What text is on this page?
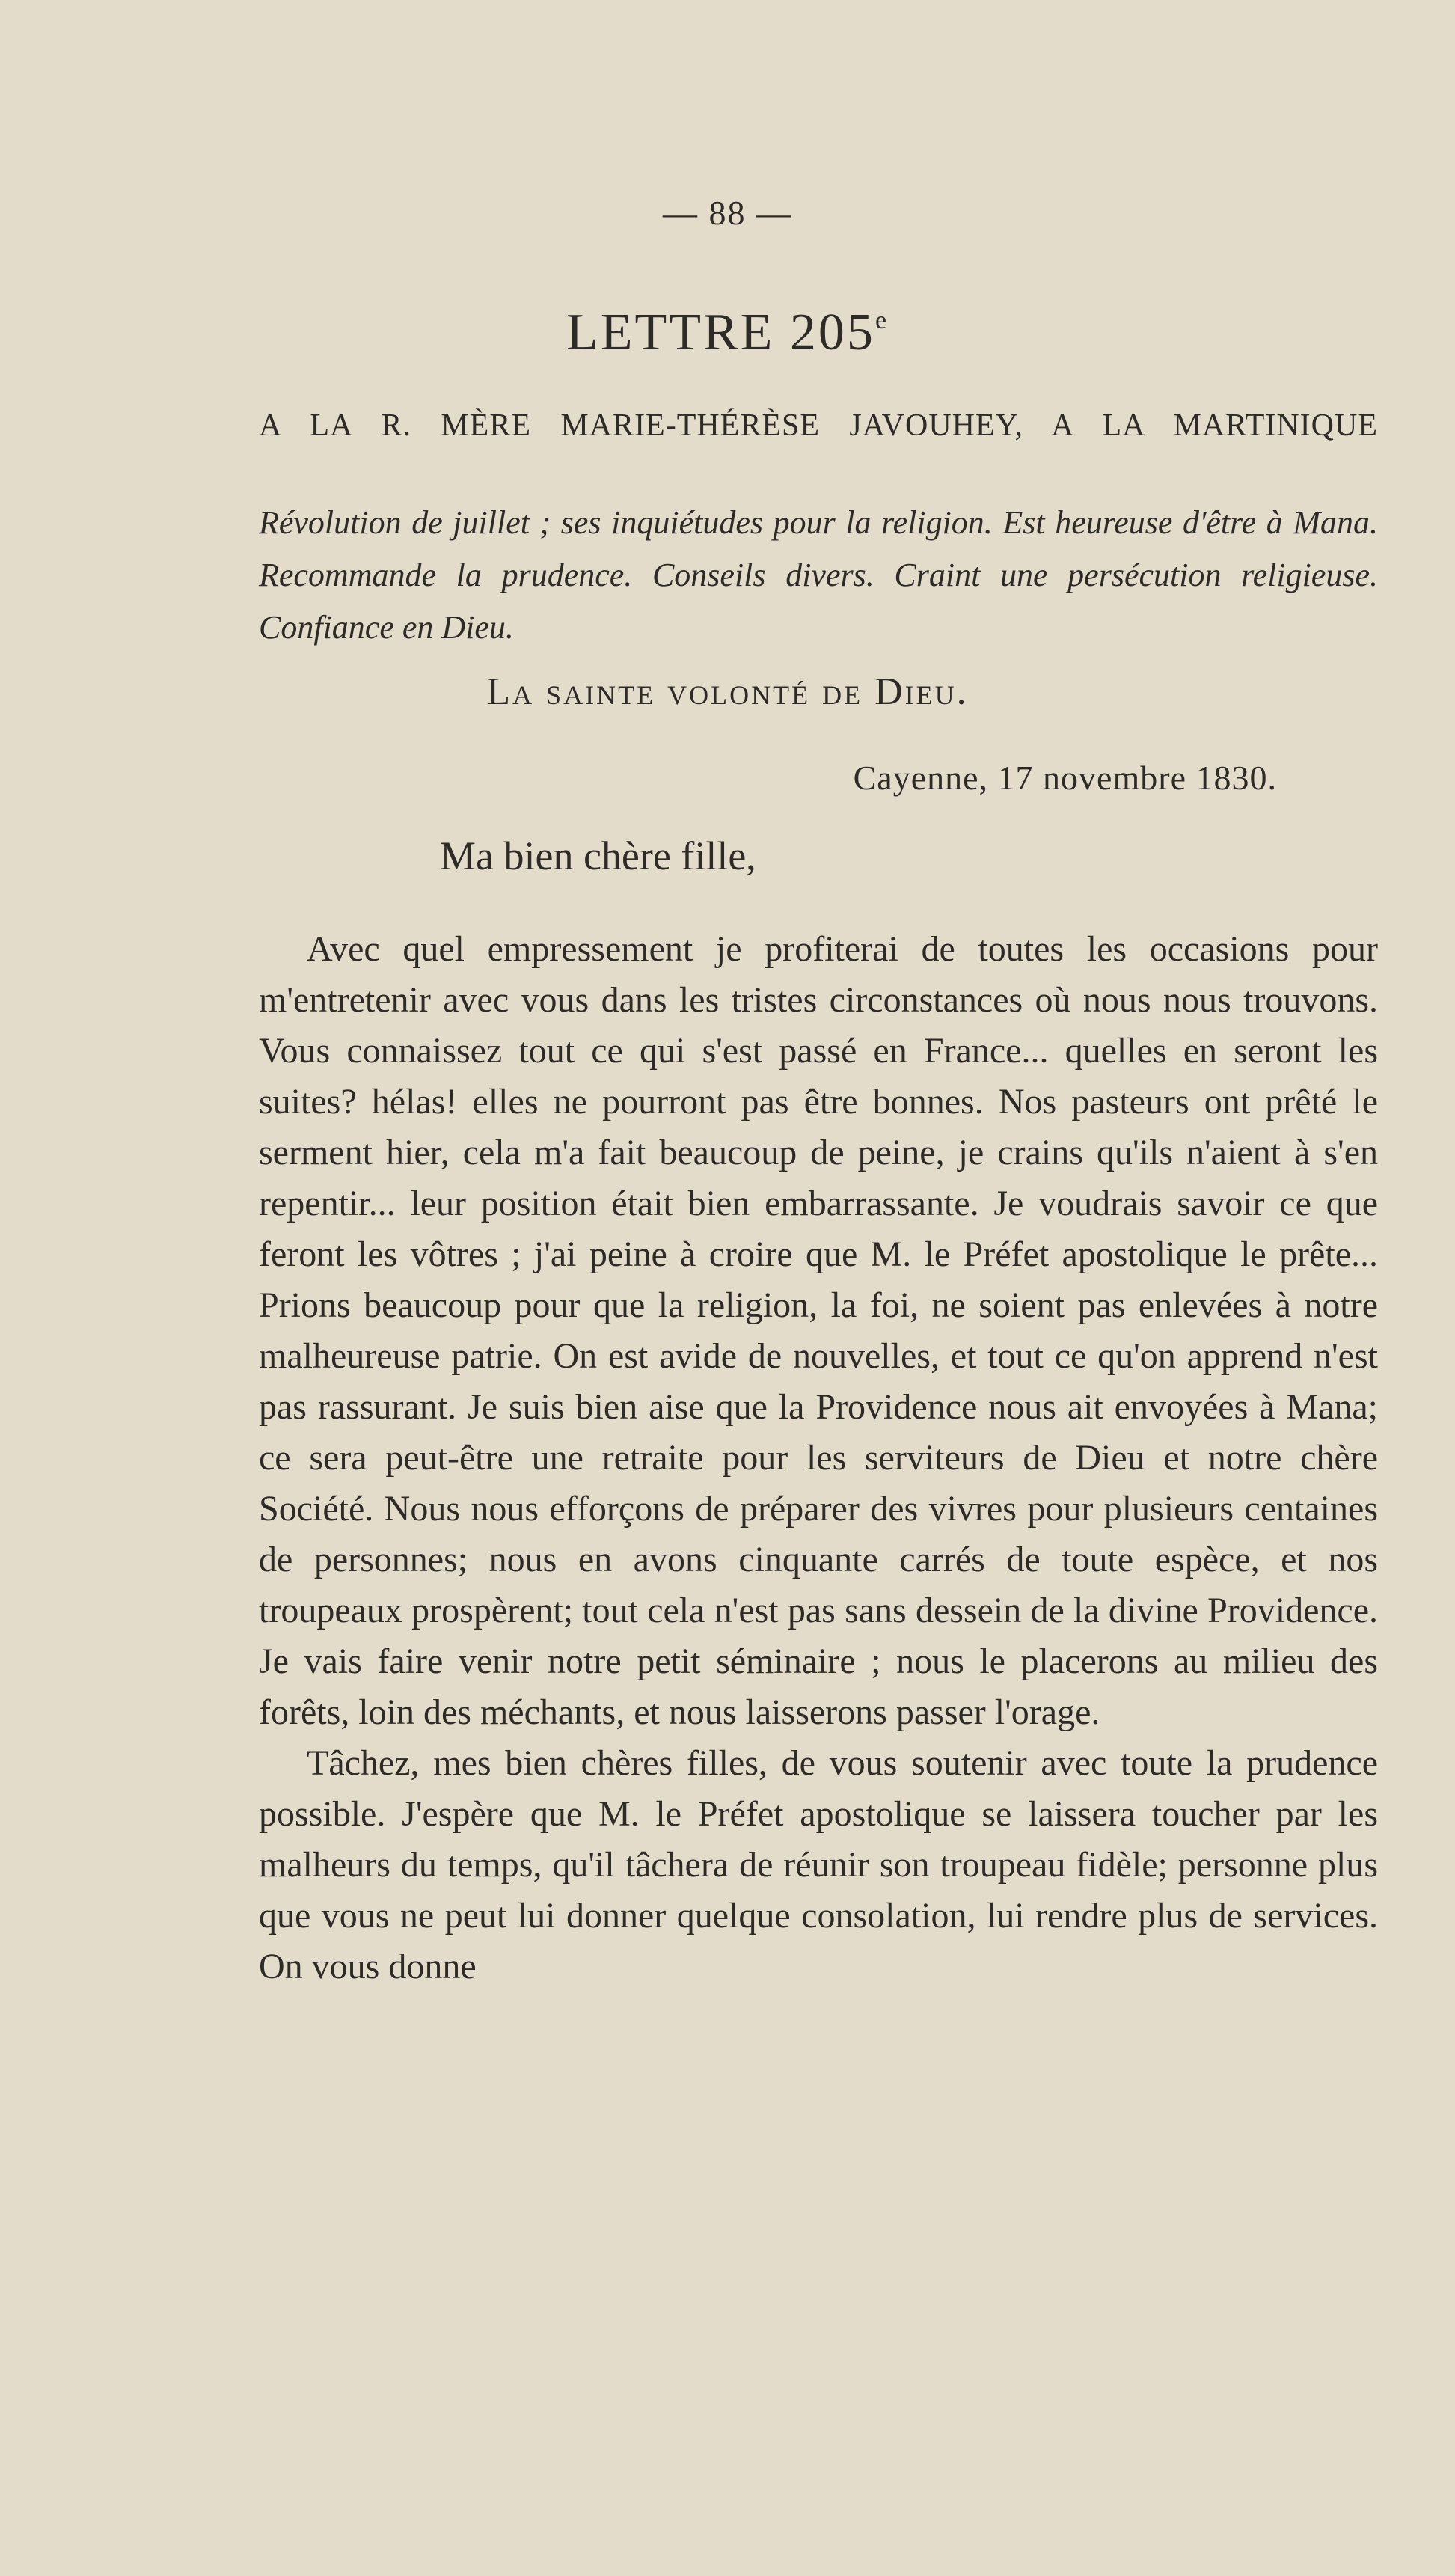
— 88 —
LETTRE 205e
A LA R. MÈRE MARIE-THÉRÈSE JAVOUHEY, A LA MARTINIQUE
Révolution de juillet ; ses inquiétudes pour la religion. Est heureuse d'être à Mana. Recommande la prudence. Conseils divers. Craint une persécution religieuse. Confiance en Dieu.
La sainte volonté de Dieu.
Cayenne, 17 novembre 1830.
Ma bien chère fille,

Avec quel empressement je profiterai de toutes les occasions pour m'entretenir avec vous dans les tristes circonstances où nous nous trouvons. Vous connaissez tout ce qui s'est passé en France... quelles en seront les suites? hélas! elles ne pourront pas être bonnes. Nos pasteurs ont prêté le serment hier, cela m'a fait beaucoup de peine, je crains qu'ils n'aient à s'en repentir... leur position était bien embarrassante. Je voudrais savoir ce que feront les vôtres ; j'ai peine à croire que M. le Préfet apostolique le prête... Prions beaucoup pour que la religion, la foi, ne soient pas enlevées à notre malheureuse patrie. On est avide de nouvelles, et tout ce qu'on apprend n'est pas rassurant. Je suis bien aise que la Providence nous ait envoyées à Mana; ce sera peut-être une retraite pour les serviteurs de Dieu et notre chère Société. Nous nous efforçons de préparer des vivres pour plusieurs centaines de personnes; nous en avons cinquante carrés de toute espèce, et nos troupeaux prospèrent; tout cela n'est pas sans dessein de la divine Providence. Je vais faire venir notre petit séminaire ; nous le placerons au milieu des forêts, loin des méchants, et nous laisserons passer l'orage.

Tâchez, mes bien chères filles, de vous soutenir avec toute la prudence possible. J'espère que M. le Préfet apostolique se laissera toucher par les malheurs du temps, qu'il tâchera de réunir son troupeau fidèle; personne plus que vous ne peut lui donner quelque consolation, lui rendre plus de services. On vous donne
